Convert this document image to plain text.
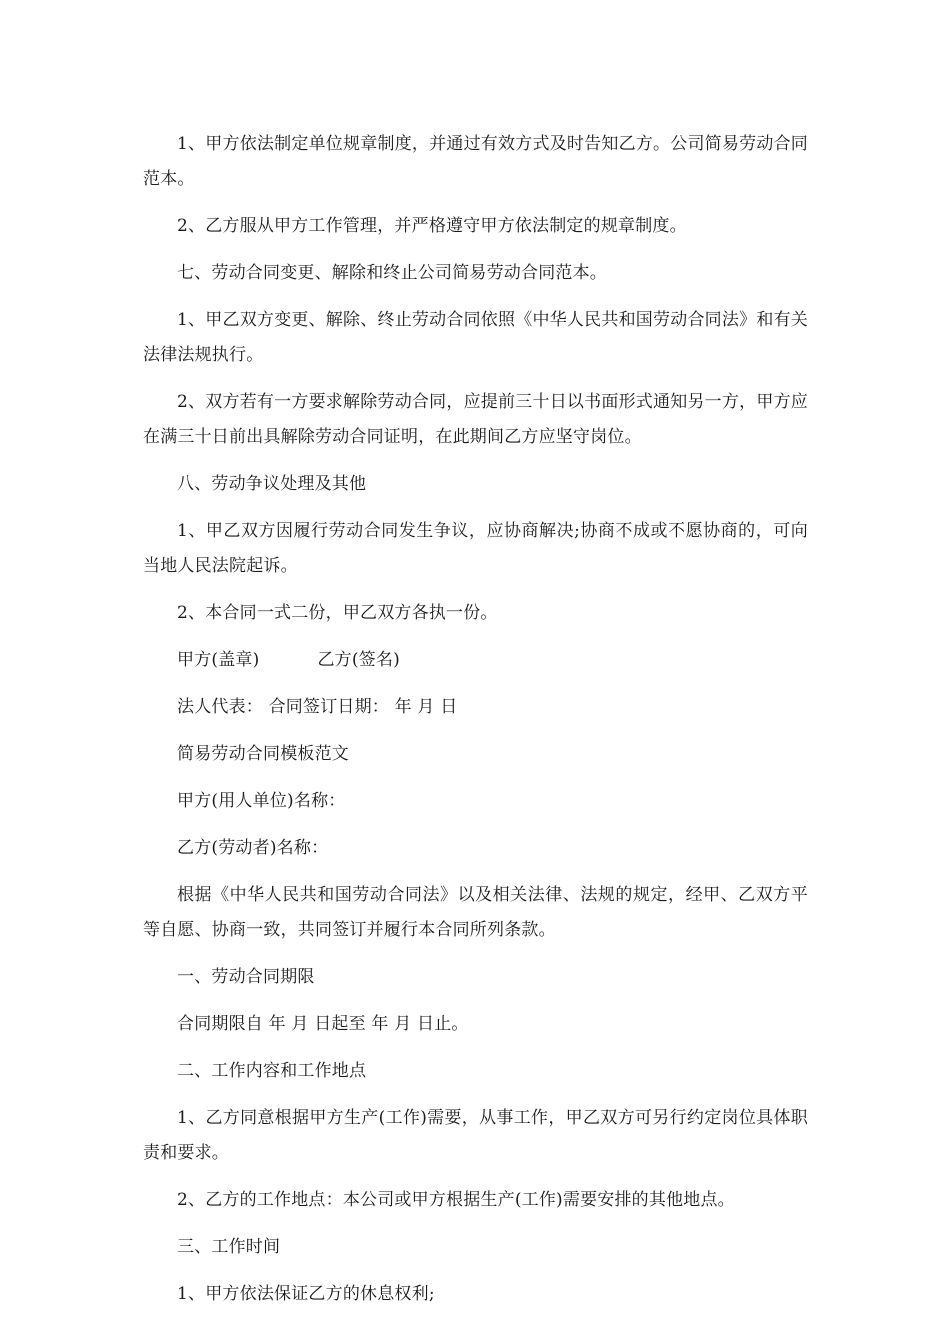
1、甲方依法制定单位规章制度，并通过有效方式及时告知乙方。公司简易劳动合同范本。

2、乙方服从甲方工作管理，并严格遵守甲方依法制定的规章制度。

七、劳动合同变更、解除和终止公司简易劳动合同范本。

1、甲乙双方变更、解除、终止劳动合同依照《中华人民共和国劳动合同法》和有关法律法规执行。

2、双方若有一方要求解除劳动合同，应提前三十日以书面形式通知另一方，甲方应在满三十日前出具解除劳动合同证明，在此期间乙方应坚守岗位。

八、劳动争议处理及其他

1、甲乙双方因履行劳动合同发生争议，应协商解决;协商不成或不愿协商的，可向当地人民法院起诉。

2、本合同一式二份，甲乙双方各执一份。

甲方(盖章)	乙方(签名)

法人代表： 合同签订日期： 年 月 日

简易劳动合同模板范文

甲方(用人单位)名称：

乙方(劳动者)名称：

根据《中华人民共和国劳动合同法》以及相关法律、法规的规定，经甲、乙双方平等自愿、协商一致，共同签订并履行本合同所列条款。

一、劳动合同期限

合同期限自 年 月 日起至 年 月 日止。

二、工作内容和工作地点

1、乙方同意根据甲方生产(工作)需要，从事工作，甲乙双方可另行约定岗位具体职责和要求。

2、乙方的工作地点：本公司或甲方根据生产(工作)需要安排的其他地点。

三、工作时间

1、甲方依法保证乙方的休息权利;
